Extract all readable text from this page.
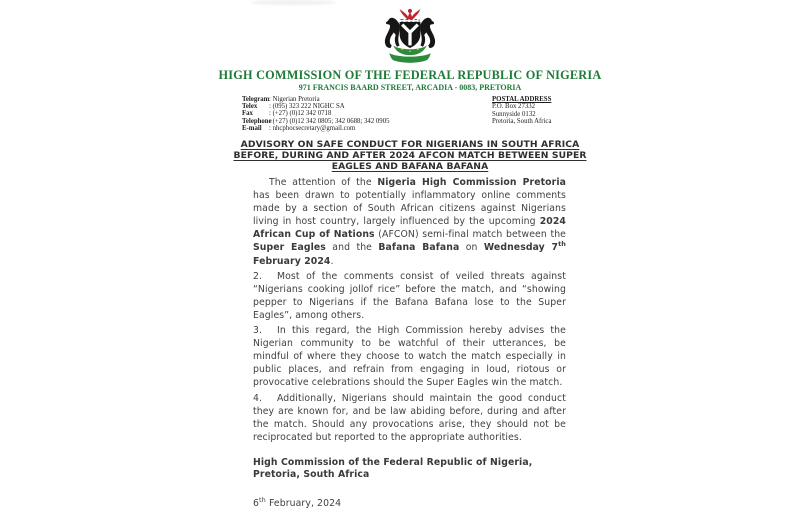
HIGH COMMISSION OF THE FEDERAL REPUBLIC OF NIGERIA
971 FRANCIS BAARD STREET, ARCADIA - 0083, PRETORIA
Telegram: Nigerian Pretoria
Telex : (095) 323 222 NIGHC SA
Fax : (+27) (0)12 342 0718
Telephone: (+27) (0)12 342 0805; 342 0688; 342 0905
E-mail : nhcphocsecretary@gmail.com
POSTAL ADDRESS
P.O. Box 27332
Sunnyside 0132
Pretoria, South Africa
ADVISORY ON SAFE CONDUCT FOR NIGERIANS IN SOUTH AFRICA
BEFORE, DURING AND AFTER 2024 AFCON MATCH BETWEEN SUPER
EAGLES AND BAFANA BAFANA

The attention of the Nigeria High Commission Pretoria has been drawn to potentially inflammatory online comments made by a section of South African citizens against Nigerians living in host country, largely influenced by the upcoming 2024 African Cup of Nations (AFCON) semi-final match between the Super Eagles and the Bafana Bafana on Wednesday 7th February 2024.

2. Most of the comments consist of veiled threats against “Nigerians cooking jollof rice” before the match, and “showing pepper to Nigerians if the Bafana Bafana lose to the Super Eagles”, among others.

3. In this regard, the High Commission hereby advises the Nigerian community to be watchful of their utterances, be mindful of where they choose to watch the match especially in public places, and refrain from engaging in loud, riotous or provocative celebrations should the Super Eagles win the match.

4. Additionally, Nigerians should maintain the good conduct they are known for, and be law abiding before, during and after the match. Should any provocations arise, they should not be reciprocated but reported to the appropriate authorities.

High Commission of the Federal Republic of Nigeria,
Pretoria, South Africa
6th February, 2024
